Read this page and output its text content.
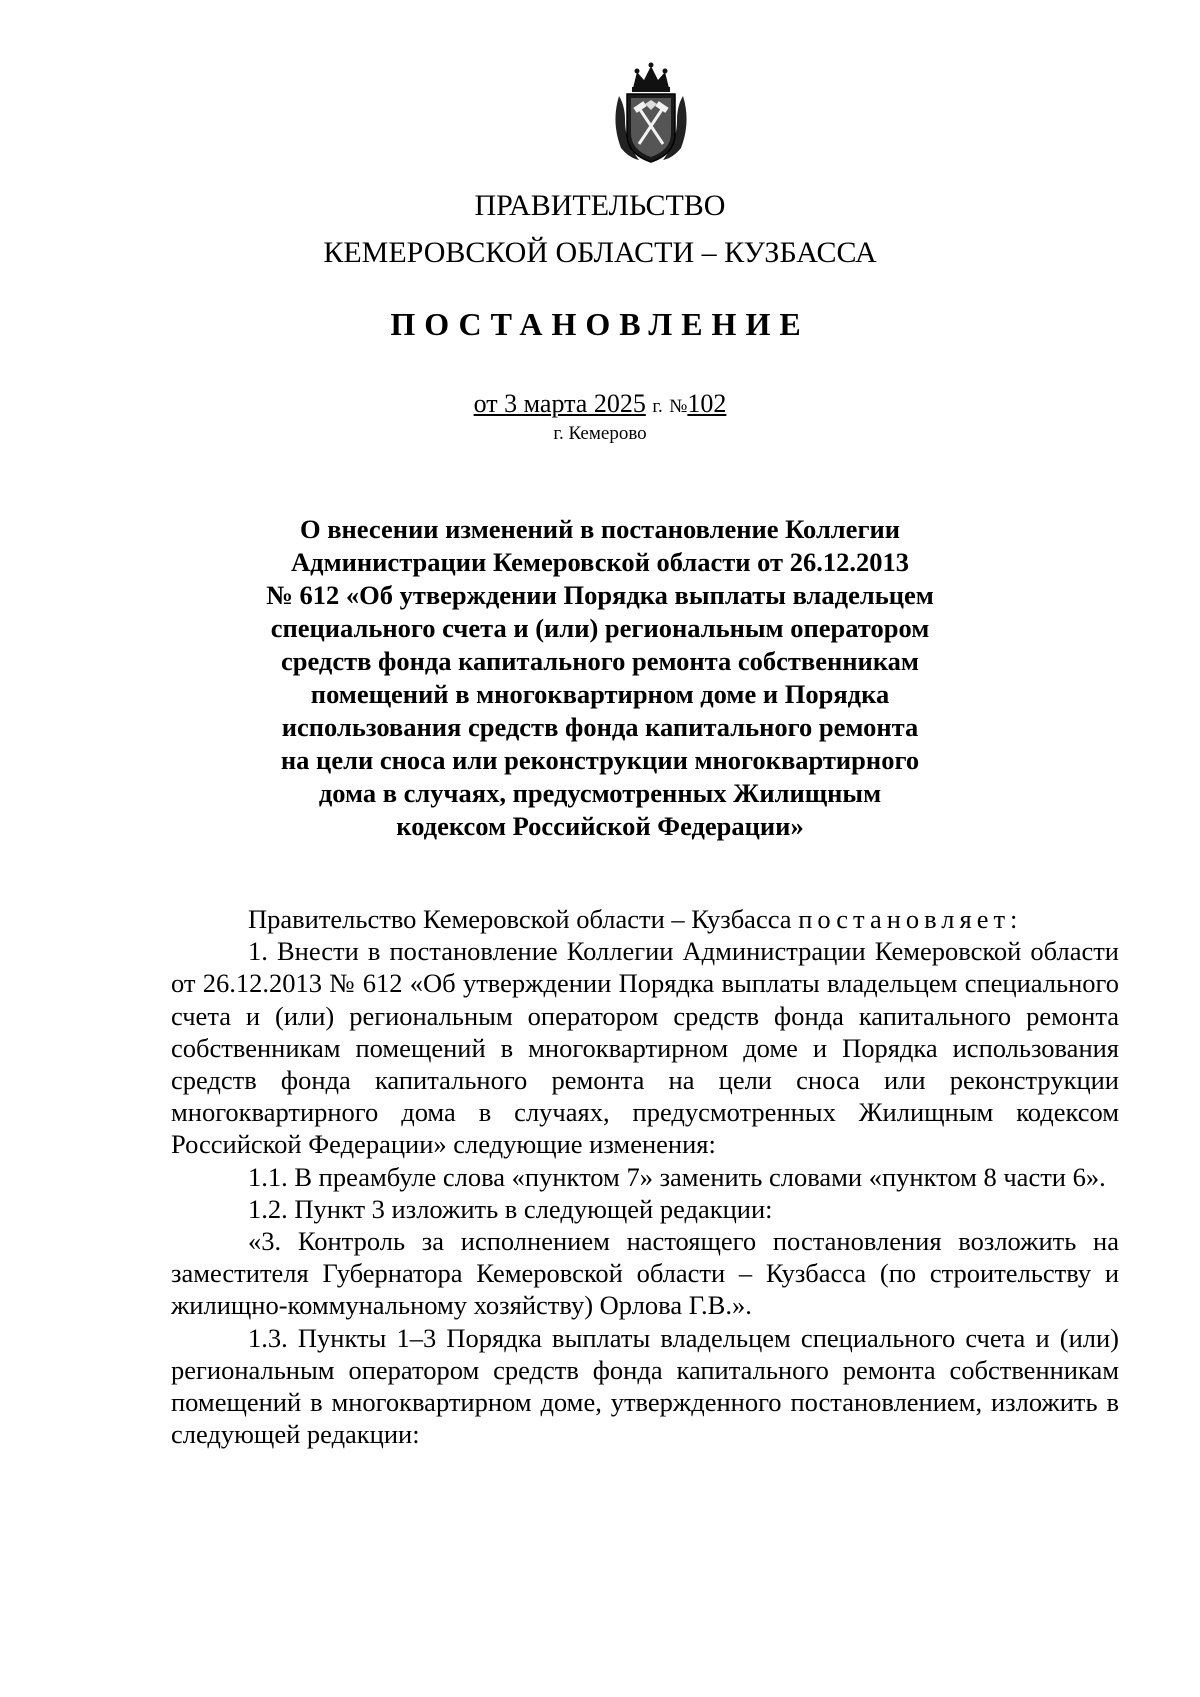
ПРАВИТЕЛЬСТВО
КЕМЕРОВСКОЙ ОБЛАСТИ – КУЗБАССА
ПОСТАНОВЛЕНИЕ
от 3 марта 2025 г. №102
г. Кемерово
О внесении изменений в постановление Коллегии
Администрации Кемеровской области от 26.12.2013
№ 612 «Об утверждении Порядка выплаты владельцем
специального счета и (или) региональным оператором
средств фонда капитального ремонта собственникам
помещений в многоквартирном доме и Порядка
использования средств фонда капитального ремонта
на цели сноса или реконструкции многоквартирного
дома в случаях, предусмотренных Жилищным
кодексом Российской Федерации»

Правительство Кемеровской области – Кузбасса постановляет:

1. Внести в постановление Коллегии Администрации Кемеровской области от 26.12.2013 № 612 «Об утверждении Порядка выплаты владельцем специального счета и (или) региональным оператором средств фонда капитального ремонта собственникам помещений в многоквартирном доме и Порядка использования средств фонда капитального ремонта на цели сноса или реконструкции многоквартирного дома в случаях, предусмотренных Жилищным кодексом Российской Федерации» следующие изменения:

1.1. В преамбуле слова «пунктом 7» заменить словами «пунктом 8 части 6».

1.2. Пункт 3 изложить в следующей редакции:

«3. Контроль за исполнением настоящего постановления возложить на заместителя Губернатора Кемеровской области – Кузбасса (по строительству и жилищно-коммунальному хозяйству) Орлова Г.В.».

1.3. Пункты 1–3 Порядка выплаты владельцем специального счета и (или) региональным оператором средств фонда капитального ремонта собственникам помещений в многоквартирном доме, утвержденного постановлением, изложить в следующей редакции:
